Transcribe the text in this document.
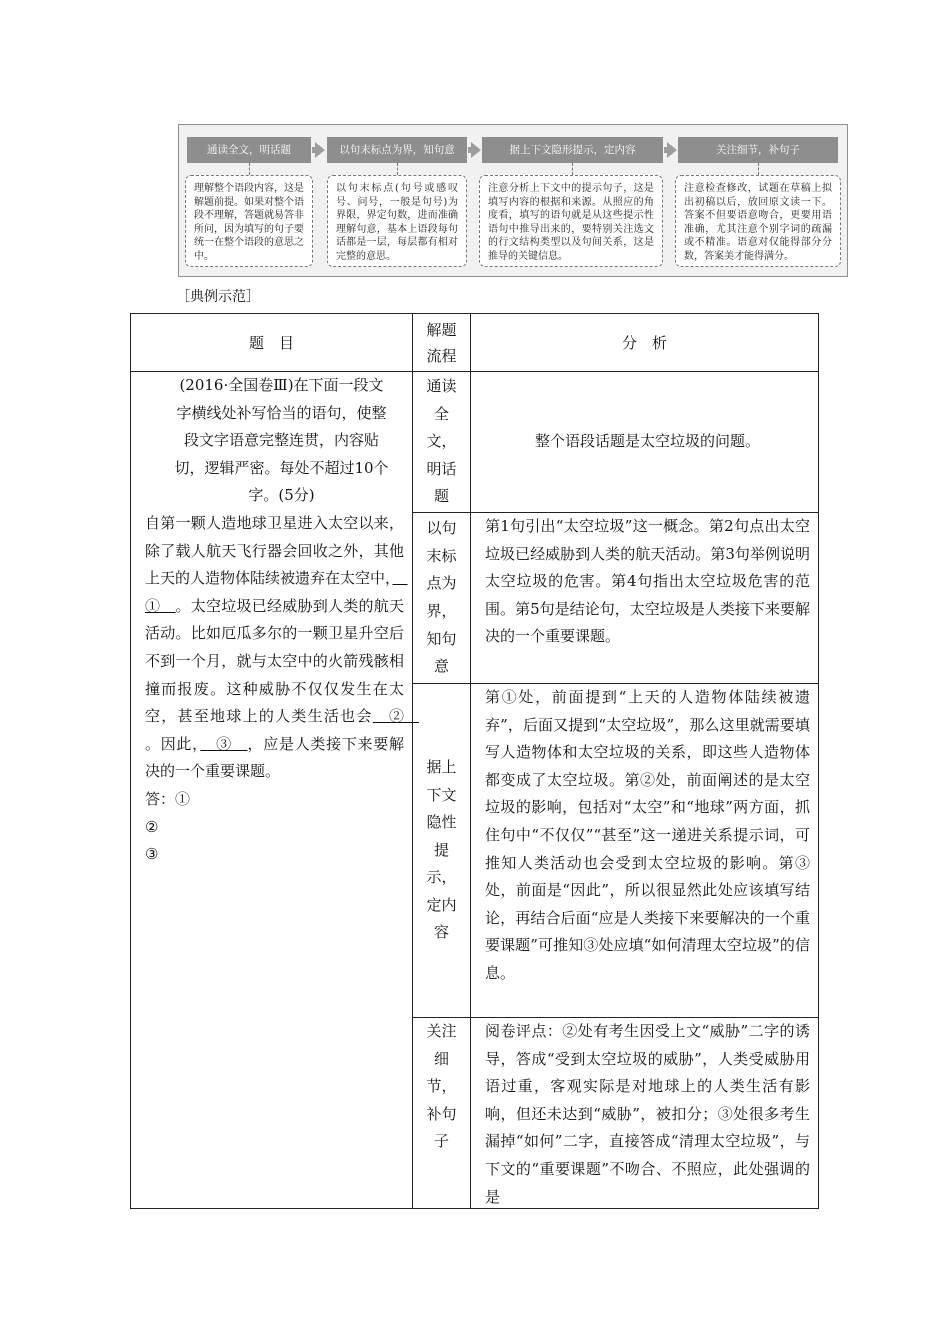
通读全文，明话题	以句末标点为界，知句意	据上下文隐形提示，定内容	关注细节，补句子
理解整个语段内容，这是解题前提。如果对整个语段不理解，答题就易答非所问，因为填写的句子要统一在整个语段的意思之中。
以句末标点(句号或感叹号、问号，一般是句号)为界限，界定句数，进而准确理解句意，基本上语段每句话都是一层，每层都有相对完整的意思。
注意分析上下文中的提示句子，这是填写内容的根据和来源。从照应的角度看，填写的语句就是从这些提示性语句中推导出来的，要特别关注选文的行文结构类型以及句间关系，这是推导的关键信息。
注意检查修改，试题在草稿上拟出初稿以后，放回原文读一下。答案不但要语意吻合，更要用语准确，尤其注意个别字词的疏漏或不精准。语意对仅能得部分分数，答案美才能得满分。
［典例示范］
题　目	解题流程	分　析

(2016·全国卷Ⅲ)在下面一段文字横线处补写恰当的语句，使整段文字语意完整连贯，内容贴切，逻辑严密。每处不超过10个字。(5分)

自第一颗人造地球卫星进入太空以来，除了载人航天飞行器会回收之外，其他上天的人造物体陆续被遗弃在太空中，　①　。太空垃圾已经威胁到人类的航天活动。比如厄瓜多尔的一颗卫星升空后不到一个月，就与太空中的火箭残骸相撞而报废。这种威胁不仅仅发生在太空，甚至地球上的人类生活也会　②　。因此，　③　，应是人类接下来要解决的一个重要课题。

答：①

②

③	通读全文，明话题	整个语段话题是太空垃圾的问题。
	以句末标点为界，知句意	第1句引出“太空垃圾”这一概念。第2句点出太空垃圾已经威胁到人类的航天活动。第3句举例说明太空垃圾的危害。第4句指出太空垃圾危害的范围。第5句是结论句，太空垃圾是人类接下来要解决的一个重要课题。
	据上下文隐性提示，定内容	第①处，前面提到“上天的人造物体陆续被遗弃”，后面又提到“太空垃圾”，那么这里就需要填写人造物体和太空垃圾的关系，即这些人造物体都变成了太空垃圾。第②处，前面阐述的是太空垃圾的影响，包括对“太空”和“地球”两方面，抓住句中“不仅仅”“甚至”这一递进关系提示词，可推知人类活动也会受到太空垃圾的影响。第③处，前面是“因此”，所以很显然此处应该填写结论，再结合后面“应是人类接下来要解决的一个重要课题”可推知③处应填“如何清理太空垃圾”的信息。
	关注细节，补句子	阅卷评点：②处有考生因受上文“威胁”二字的诱导，答成“受到太空垃圾的威胁”，人类受威胁用语过重，客观实际是对地球上的人类生活有影响，但还未达到“威胁”，被扣分；③处很多考生漏掉“如何”二字，直接答成“清理太空垃圾”，与下文的“重要课题”不吻合、不照应，此处强调的是
